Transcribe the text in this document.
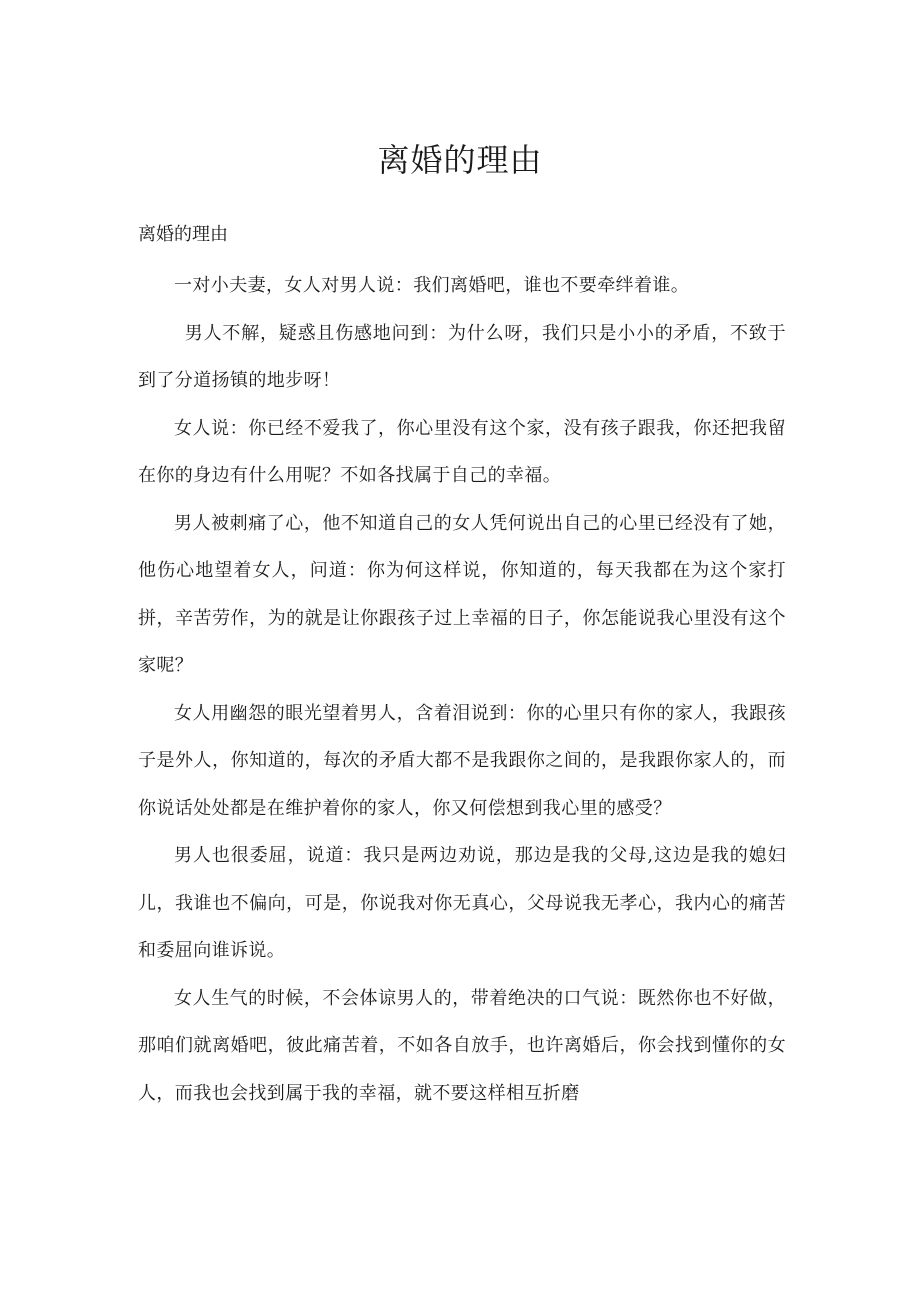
离婚的理由
离婚的理由

一对小夫妻，女人对男人说：我们离婚吧，谁也不要牵绊着谁。

男人不解，疑惑且伤感地问到：为什么呀，我们只是小小的矛盾，不致于到了分道扬镇的地步呀！

女人说：你已经不爱我了，你心里没有这个家，没有孩子跟我，你还把我留在你的身边有什么用呢？不如各找属于自己的幸福。

男人被刺痛了心，他不知道自己的女人凭何说出自己的心里已经没有了她，他伤心地望着女人，问道：你为何这样说，你知道的，每天我都在为这个家打拼，辛苦劳作，为的就是让你跟孩子过上幸福的日子，你怎能说我心里没有这个家呢？

女人用幽怨的眼光望着男人，含着泪说到：你的心里只有你的家人，我跟孩子是外人，你知道的，每次的矛盾大都不是我跟你之间的，是我跟你家人的，而你说话处处都是在维护着你的家人，你又何偿想到我心里的感受？

男人也很委屈，说道：我只是两边劝说，那边是我的父母,这边是我的媳妇儿，我谁也不偏向，可是，你说我对你无真心，父母说我无孝心，我内心的痛苦和委屈向谁诉说。

女人生气的时候，不会体谅男人的，带着绝决的口气说：既然你也不好做，那咱们就离婚吧，彼此痛苦着，不如各自放手，也许离婚后，你会找到懂你的女人，而我也会找到属于我的幸福，就不要这样相互折磨
